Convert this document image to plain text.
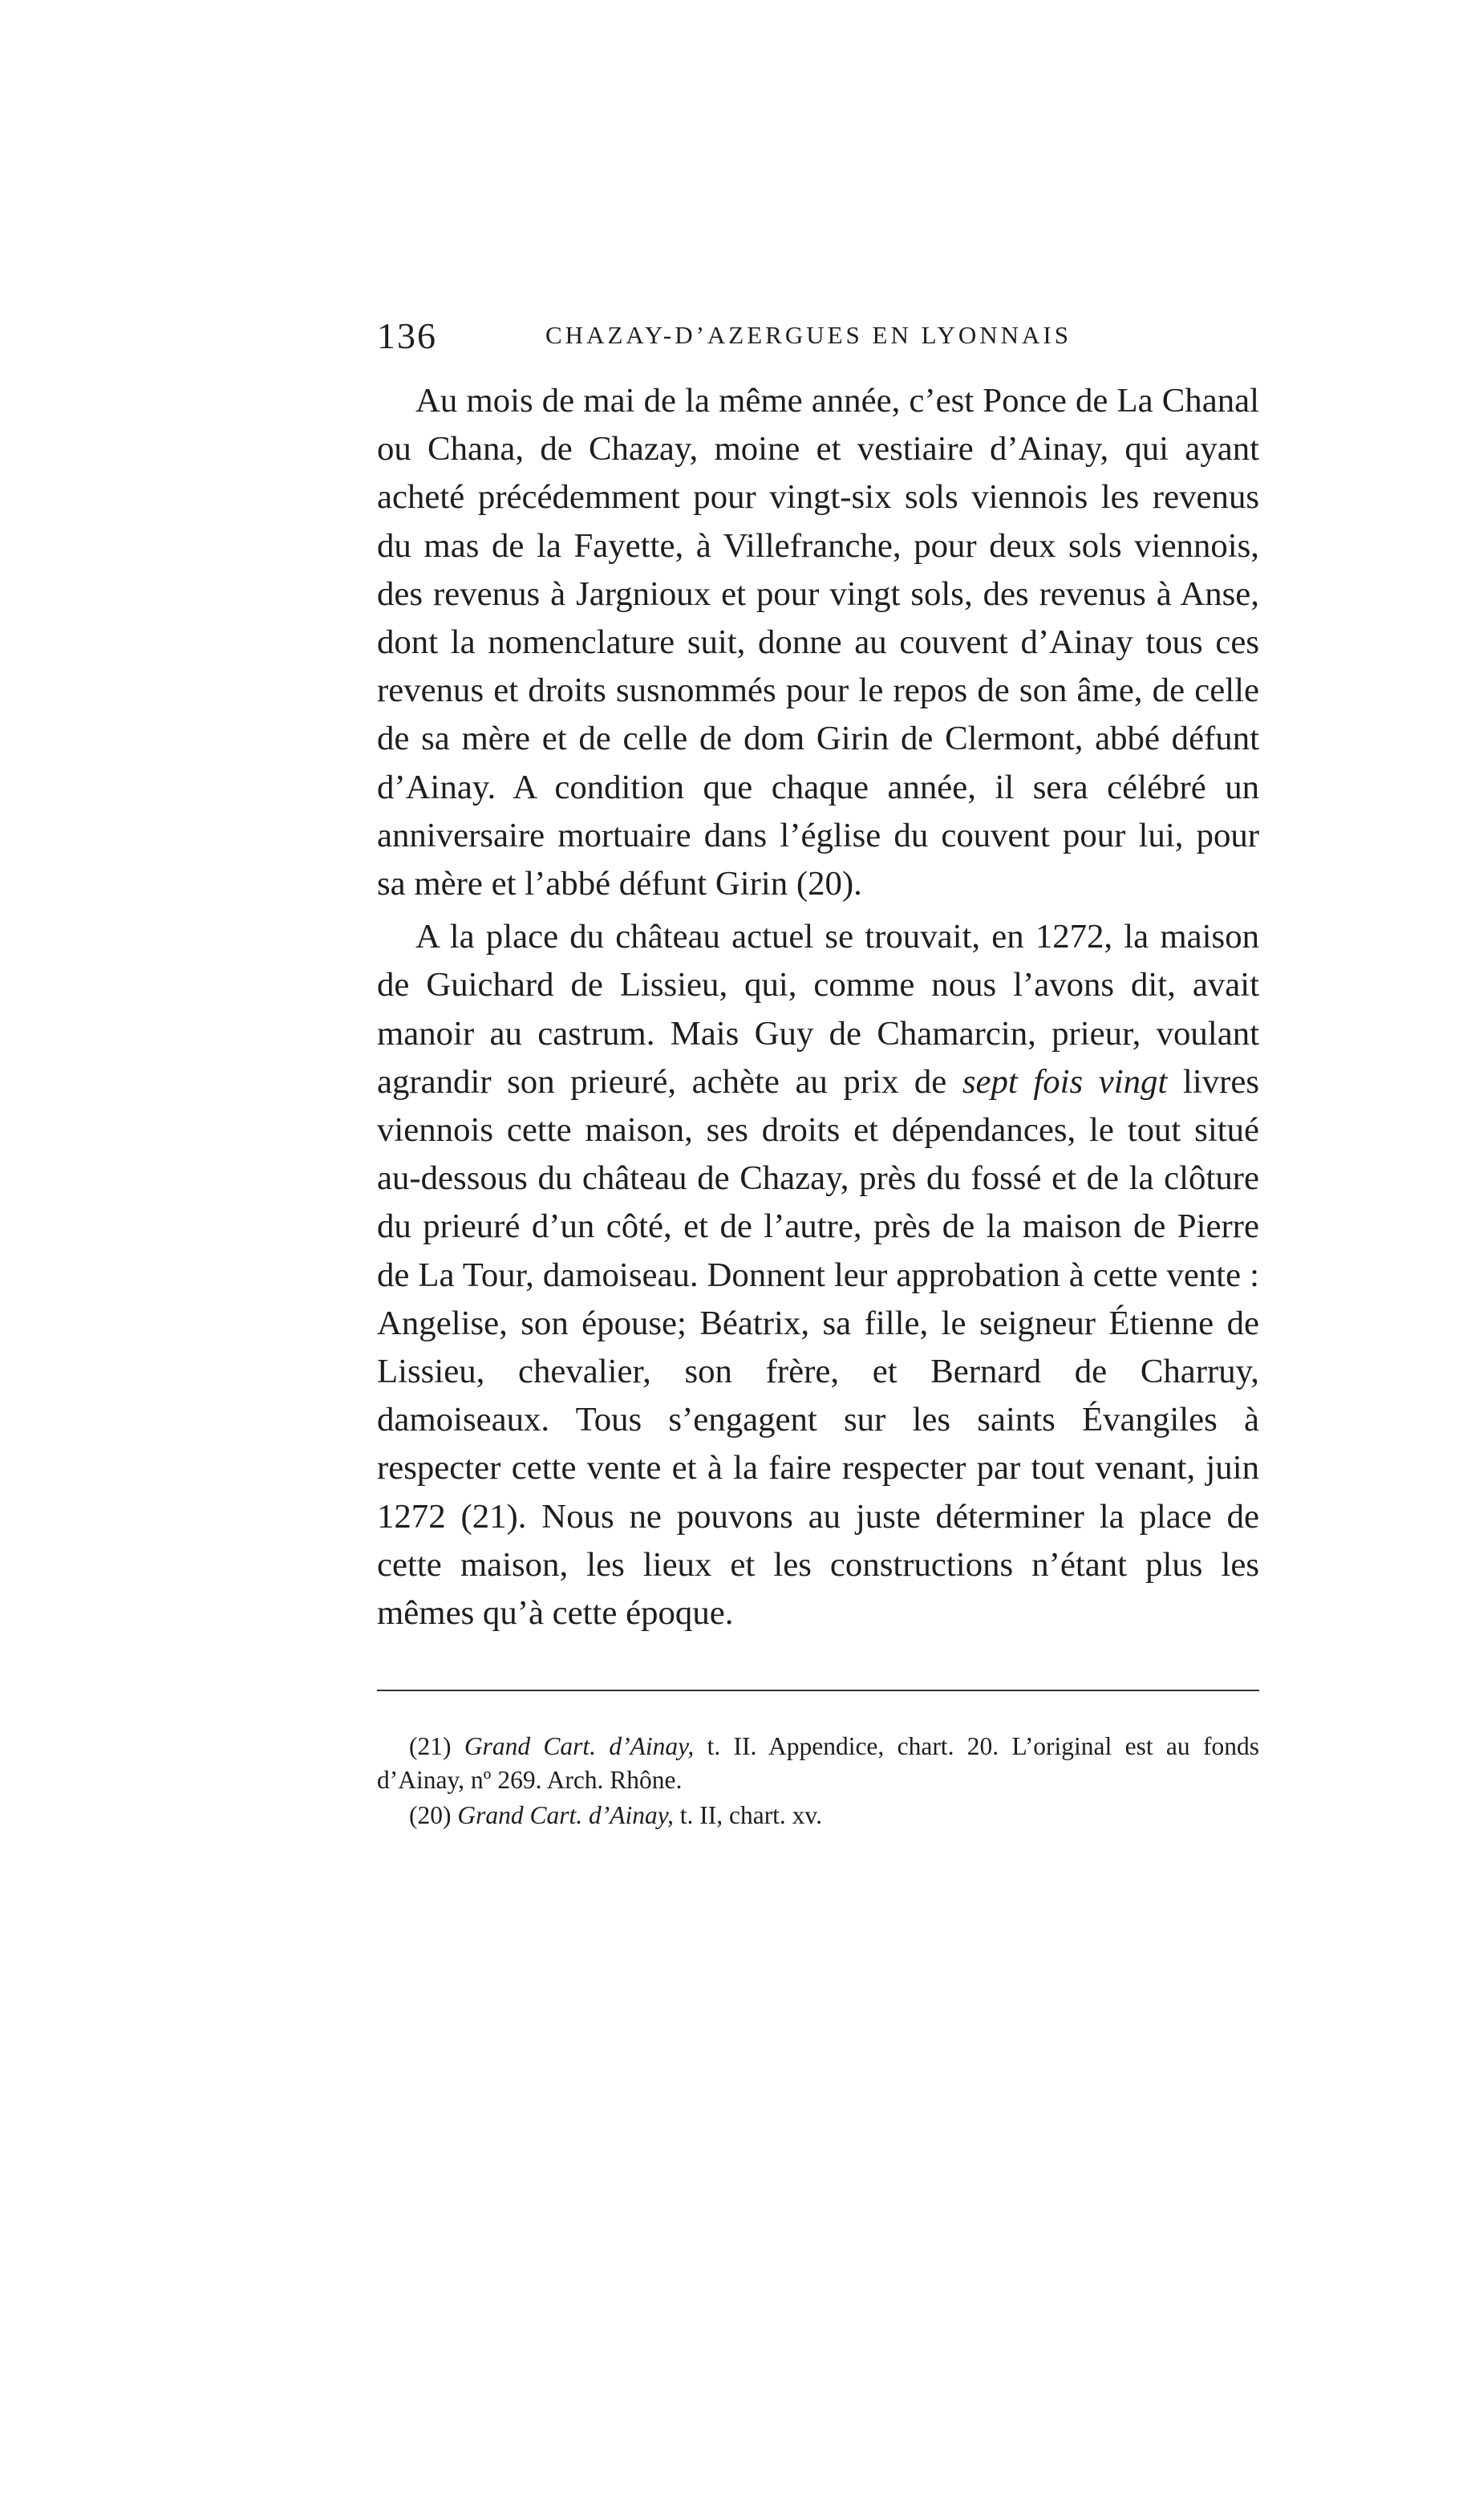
136	CHAZAY-D’AZERGUES EN LYONNAIS

Au mois de mai de la même année, c’est Ponce de La Chanal ou Chana, de Chazay, moine et vestiaire d’Ainay, qui ayant acheté précédemment pour vingt-six sols viennois les revenus du mas de la Fayette, à Villefranche, pour deux sols viennois, des revenus à Jargnioux et pour vingt sols, des revenus à Anse, dont la nomenclature suit, donne au couvent d’Ainay tous ces revenus et droits susnommés pour le repos de son âme, de celle de sa mère et de celle de dom Girin de Clermont, abbé défunt d’Ainay. A condition que chaque année, il sera célébré un anniversaire mortuaire dans l’église du couvent pour lui, pour sa mère et l’abbé défunt Girin (20).

A la place du château actuel se trouvait, en 1272, la maison de Guichard de Lissieu, qui, comme nous l’avons dit, avait manoir au castrum. Mais Guy de Chamarcin, prieur, voulant agrandir son prieuré, achète au prix de sept fois vingt livres viennois cette maison, ses droits et dépendances, le tout situé au-dessous du château de Chazay, près du fossé et de la clôture du prieuré d’un côté, et de l’autre, près de la maison de Pierre de La Tour, damoiseau. Donnent leur approbation à cette vente : Angelise, son épouse; Béatrix, sa fille, le seigneur Étienne de Lissieu, chevalier, son frère, et Bernard de Charruy, damoiseaux. Tous s’engagent sur les saints Évangiles à respecter cette vente et à la faire respecter par tout venant, juin 1272 (21). Nous ne pouvons au juste déterminer la place de cette maison, les lieux et les constructions n’étant plus les mêmes qu’à cette époque.

(21) Grand Cart. d’Ainay, t. II. Appendice, chart. 20. L’original est au fonds d’Ainay, nº 269. Arch. Rhône.

(20) Grand Cart. d’Ainay, t. II, chart. xv.
